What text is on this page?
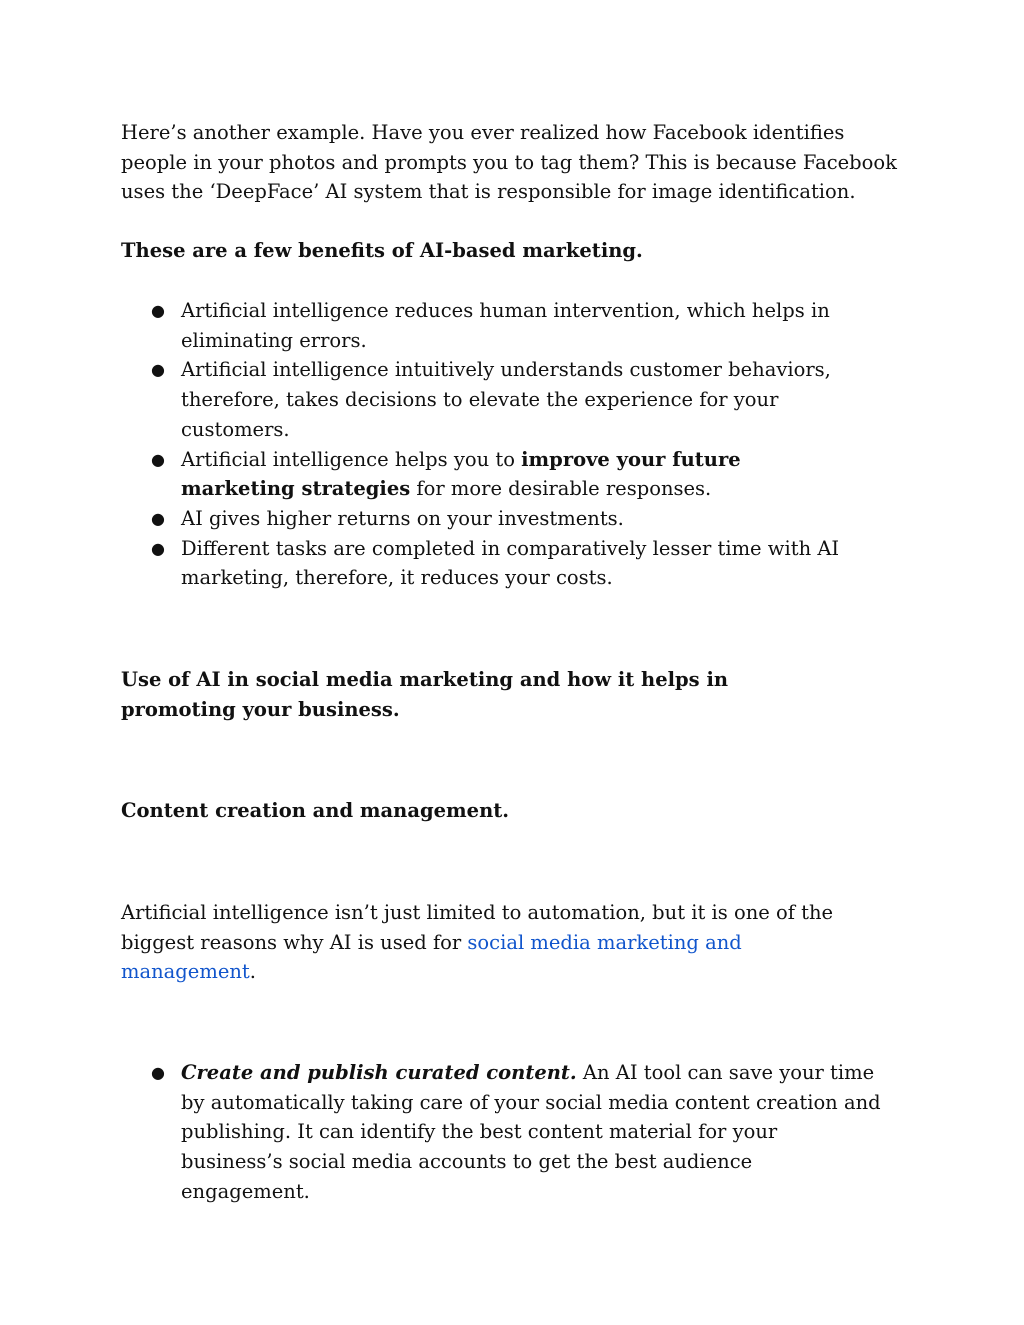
Here’s another example. Have you ever realized how Facebook identifies people in your photos and prompts you to tag them? This is because Facebook uses the ‘DeepFace’ AI system that is responsible for image identification.

These are a few benefits of AI-based marketing.

● Artificial intelligence reduces human intervention, which helps in eliminating errors.
● Artificial intelligence intuitively understands customer behaviors, therefore, takes decisions to elevate the experience for your customers.
● Artificial intelligence helps you to improve your future marketing strategies for more desirable responses.
● AI gives higher returns on your investments.
● Different tasks are completed in comparatively lesser time with AI marketing, therefore, it reduces your costs.

Use of AI in social media marketing and how it helps in promoting your business.

Content creation and management.

Artificial intelligence isn’t just limited to automation, but it is one of the biggest reasons why AI is used for social media marketing and management.

● Create and publish curated content. An AI tool can save your time by automatically taking care of your social media content creation and publishing. It can identify the best content material for your business’s social media accounts to get the best audience engagement.
